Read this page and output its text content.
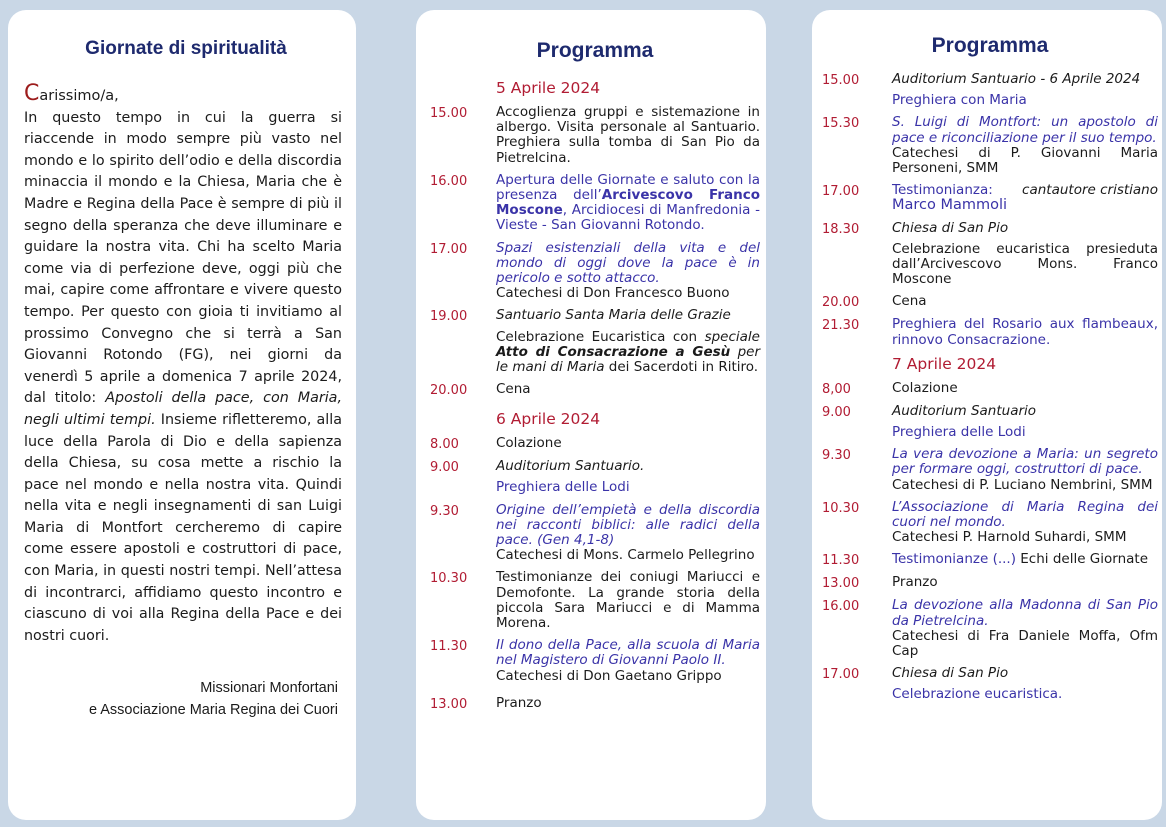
Giornate di spiritualità

Carissimo/a,

In questo tempo in cui la guerra si riaccende in modo sempre più vasto nel mondo e lo spirito dell’odio e della discordia minaccia il mondo e la Chiesa, Maria che è Madre e Regina della Pace è sempre di più il segno della speranza che deve illuminare e guidare la nostra vita. Chi ha scelto Maria come via di perfezione deve, oggi più che mai, capire come affrontare e vivere questo tempo. Per questo con gioia ti invitiamo al prossimo Convegno che si terrà a San Giovanni Rotondo (FG), nei giorni da venerdì 5 aprile a domenica 7 aprile 2024, dal titolo: Apostoli della pace, con Maria, negli ultimi tempi. Insieme rifletteremo, alla luce della Parola di Dio e della sapienza della Chiesa, su cosa mette a rischio la pace nel mondo e nella nostra vita. Quindi nella vita e negli insegnamenti di san Luigi Maria di Montfort cercheremo di capire come essere apostoli e costruttori di pace, con Maria, in questi nostri tempi. Nell’attesa di incontrarci, affidiamo questo incontro e ciascuno di voi alla Regina della Pace e dei nostri cuori.

Missionari Monfortani
e Associazione Maria Regina dei Cuori
Programma
5 Aprile 2024
15.00	Accoglienza gruppi e sistemazione in albergo. Visita personale al Santuario. Preghiera sulla tomba di San Pio da Pietrelcina.
16.00	Apertura delle Giornate e saluto con la presenza dell’Arcivescovo Franco Moscone, Arcidiocesi di Manfredonia - Vieste - San Giovanni Rotondo.
17.00	Spazi esistenziali della vita e del mondo di oggi dove la pace è in pericolo e sotto attacco.
Catechesi di Don Francesco Buono
19.00	Santuario Santa Maria delle Grazie
Celebrazione Eucaristica con speciale Atto di Consacrazione a Gesù per le mani di Maria dei Sacerdoti in Ritiro.
20.00	Cena
6 Aprile 2024
8.00	Colazione
9.00	Auditorium Santuario.
Preghiera delle Lodi
9.30	Origine dell’empietà e della discordia nei racconti biblici: alle radici della pace. (Gen 4,1-8)
Catechesi di Mons. Carmelo Pellegrino
10.30	Testimonianze dei coniugi Mariucci e Demofonte. La grande storia della piccola Sara Mariucci e di Mamma Morena.
11.30	Il dono della Pace, alla scuola di Maria nel Magistero di Giovanni Paolo II.
Catechesi di Don Gaetano Grippo
13.00	Pranzo
Programma
15.00	Auditorium Santuario - 6 Aprile 2024
Preghiera con Maria
15.30	S. Luigi di Montfort: un apostolo di pace e riconciliazione per il suo tempo.
Catechesi di P. Giovanni Maria Personeni, SMM
17.00	Testimonianza: cantautore cristiano
Marco Mammoli
18.30	Chiesa di San Pio
Celebrazione eucaristica presieduta dall’Arcivescovo Mons. Franco Moscone
20.00	Cena
21.30	Preghiera del Rosario aux flambeaux, rinnovo Consacrazione.
7 Aprile 2024
8,00	Colazione
9.00	Auditorium Santuario
Preghiera delle Lodi
9.30	La vera devozione a Maria: un segreto per formare oggi, costruttori di pace.
Catechesi di P. Luciano Nembrini, SMM
10.30	L’Associazione di Maria Regina dei cuori nel mondo.
Catechesi P. Harnold Suhardi, SMM
11.30	Testimonianze (...) Echi delle Giornate
13.00	Pranzo
16.00	La devozione alla Madonna di San Pio da Pietrelcina.
Catechesi di Fra Daniele Moffa, Ofm Cap
17.00	Chiesa di San Pio
Celebrazione eucaristica.
